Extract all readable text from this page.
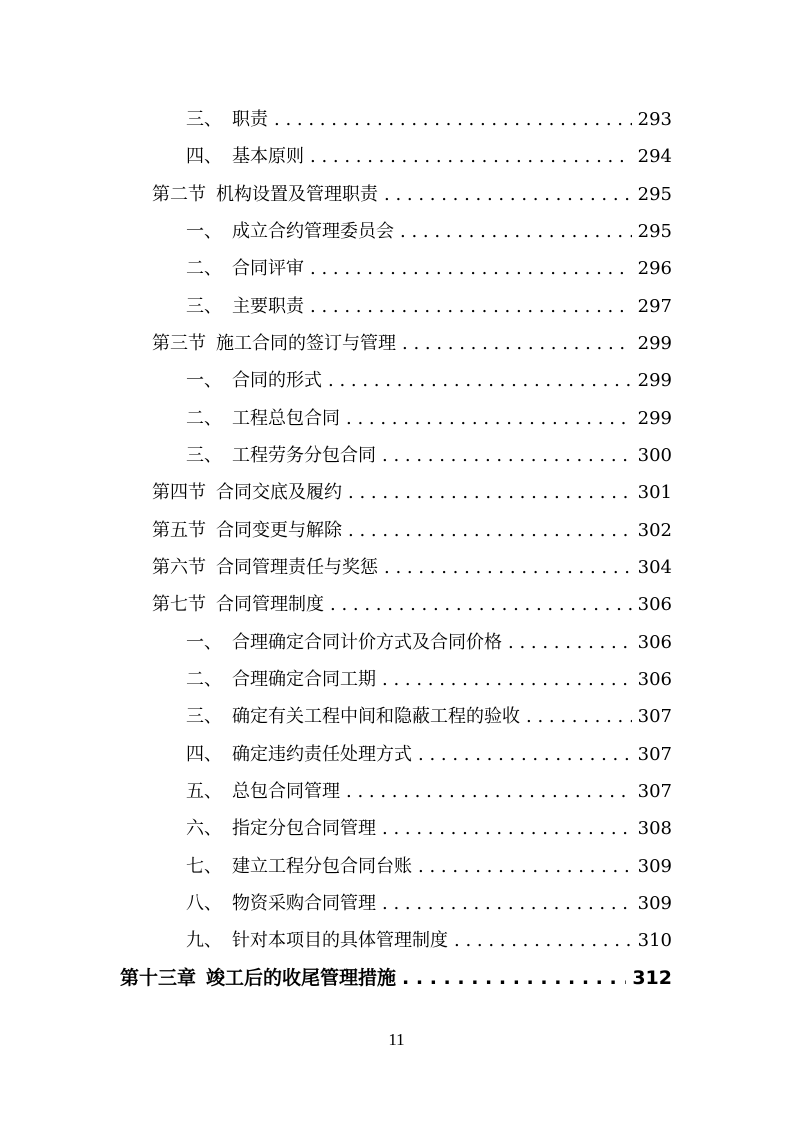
三、 职责 . . .	293
四、 基本原则 . . .	294
第二节 机构设置及管理职责 . . .	295
一、 成立合约管理委员会 . . .	295
二、 合同评审 . . .	296
三、 主要职责 . . .	297
第三节 施工合同的签订与管理 . . .	299
一、 合同的形式 . . .	299
二、 工程总包合同 . . .	299
三、 工程劳务分包合同 . . .	300
第四节 合同交底及履约 . . .	301
第五节 合同变更与解除 . . .	302
第六节 合同管理责任与奖惩 . . .	304
第七节 合同管理制度 . . .	306
一、 合理确定合同计价方式及合同价格 . . .	306
二、 合理确定合同工期 . . .	306
三、 确定有关工程中间和隐蔽工程的验收 . . .	307
四、 确定违约责任处理方式 . . .	307
五、 总包合同管理 . . .	307
六、 指定分包合同管理 . . .	308
七、 建立工程分包合同台账 . . .	309
八、 物资采购合同管理 . . .	309
九、 针对本项目的具体管理制度 . . .	310
第十三章 竣工后的收尾管理措施 . . .	312
11
